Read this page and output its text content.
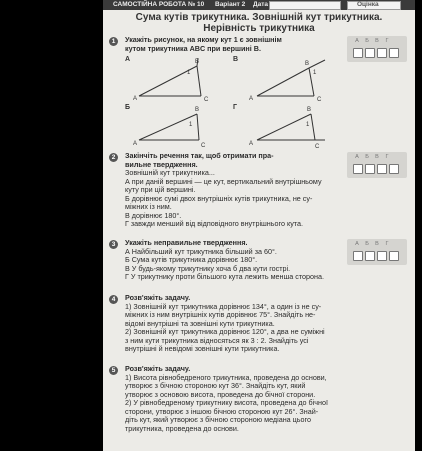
САМОСТІЙНА РОБОТА № 10 Варіант 2 Дата	Оцінка
Сума кутів трикутника. Зовнішній кут трикутника.
Нерівність трикутника
1	Укажіть рисунок, на якому кут 1 є зовнішнім
кутом трикутника ABC при вершині B.
А	Б	В	Г
А
A
B
C
1
В
A
B
C
1
Б
A
B
C
1
Г
A
B
C
1
2	Закінчіть речення так, щоб отримати пра-
вильне твердження.
Зовнішній кут трикутника...
А при даній вершині — це кут, вертикальний внутрішньому
куту при цій вершині.
Б дорівнює сумі двох внутрішніх кутів трикутника, не су-
міжних із ним.
В дорівнює 180°.
Г завжди менший від відповідного внутрішнього кута.
А	Б	В	Г
3	Укажіть неправильне твердження.
А Найбільший кут трикутника більший за 60°.
Б Сума кутів трикутника дорівнює 180°.
В У будь-якому трикутнику хоча б два кути гострі.
Г У трикутнику проти більшого кута лежить менша сторона.
А	Б	В	Г
4	Розв'яжіть задачу.
1) Зовнішній кут трикутника дорівнює 134°, а один із не су-
міжних із ним внутрішніх кутів дорівнює 75°. Знайдіть не-
відомі внутрішні та зовнішні кути трикутника.
2) Зовнішній кут трикутника дорівнює 120°, а два не суміжні
з ним кути трикутника відносяться як 3 : 2. Знайдіть усі
внутрішні й невідомі зовнішні кути трикутника.
5	Розв'яжіть задачу.
1) Висота рівнобедреного трикутника, проведена до основи,
утворює з бічною стороною кут 36°. Знайдіть кут, який
утворює з основою висота, проведена до бічної сторони.
2) У рівнобедреному трикутнику висота, проведена до бічної
сторони, утворює з іншою бічною стороною кут 26°. Знай-
діть кут, який утворює з бічною стороною медіана цього
трикутника, проведена до основи.
